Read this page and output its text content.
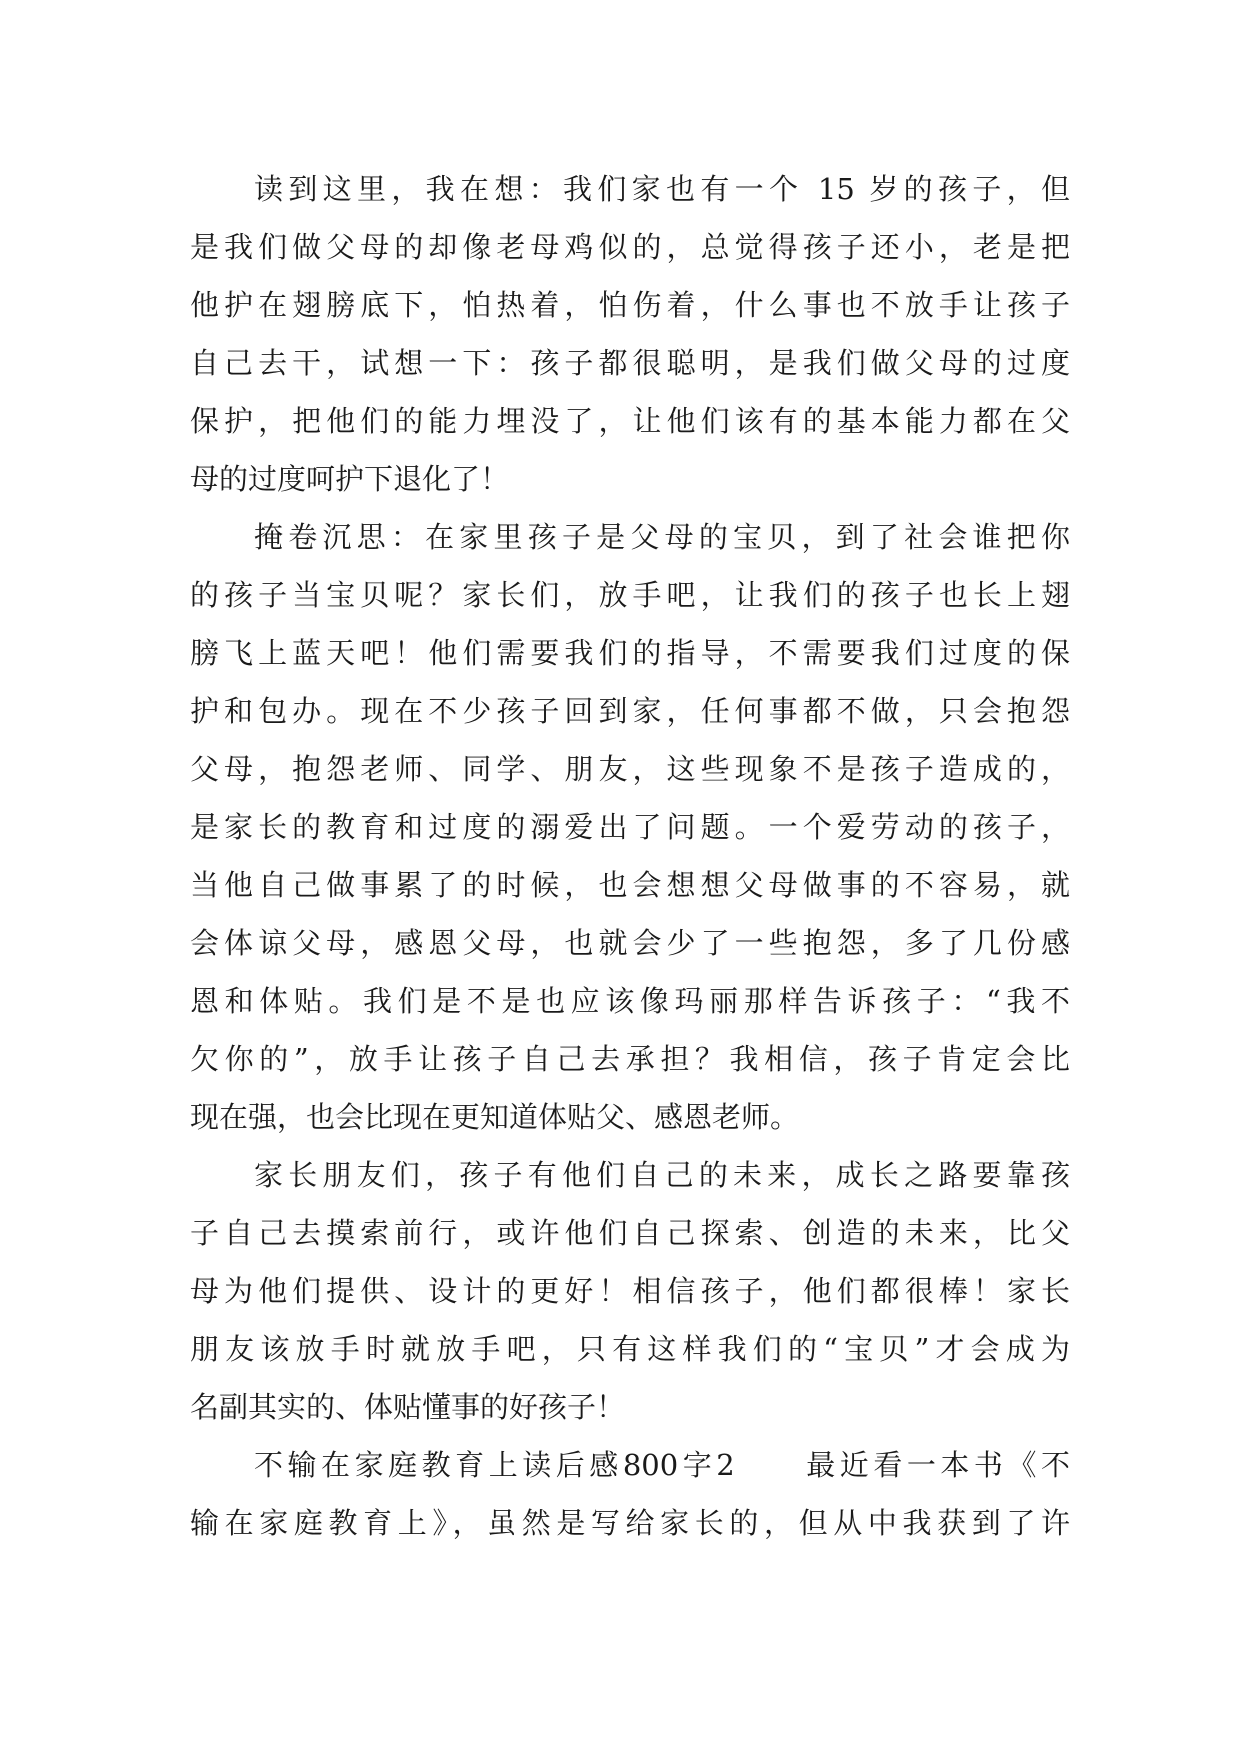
读到这里，我在想：我们家也有一个 15 岁的孩子，但
是我们做父母的却像老母鸡似的，总觉得孩子还小，老是把
他护在翅膀底下，怕热着，怕伤着，什么事也不放手让孩子
自己去干，试想一下：孩子都很聪明，是我们做父母的过度
保护，把他们的能力埋没了，让他们该有的基本能力都在父
母的过度呵护下退化了！
掩卷沉思：在家里孩子是父母的宝贝，到了社会谁把你
的孩子当宝贝呢？家长们，放手吧，让我们的孩子也长上翅
膀飞上蓝天吧！他们需要我们的指导，不需要我们过度的保
护和包办。现在不少孩子回到家，任何事都不做，只会抱怨
父母，抱怨老师、同学、朋友，这些现象不是孩子造成的，
是家长的教育和过度的溺爱出了问题。一个爱劳动的孩子，
当他自己做事累了的时候，也会想想父母做事的不容易，就
会体谅父母，感恩父母，也就会少了一些抱怨，多了几份感
恩和体贴。我们是不是也应该像玛丽那样告诉孩子：“我不
欠你的”，放手让孩子自己去承担？我相信，孩子肯定会比
现在强，也会比现在更知道体贴父、感恩老师。
家长朋友们，孩子有他们自己的未来，成长之路要靠孩
子自己去摸索前行，或许他们自己探索、创造的未来，比父
母为他们提供、设计的更好！相信孩子，他们都很棒！家长
朋友该放手时就放手吧，只有这样我们的“宝贝”才会成为
名副其实的、体贴懂事的好孩子！
不输在家庭教育上读后感800字2　　最近看一本书《不
输在家庭教育上》，虽然是写给家长的，但从中我获到了许
